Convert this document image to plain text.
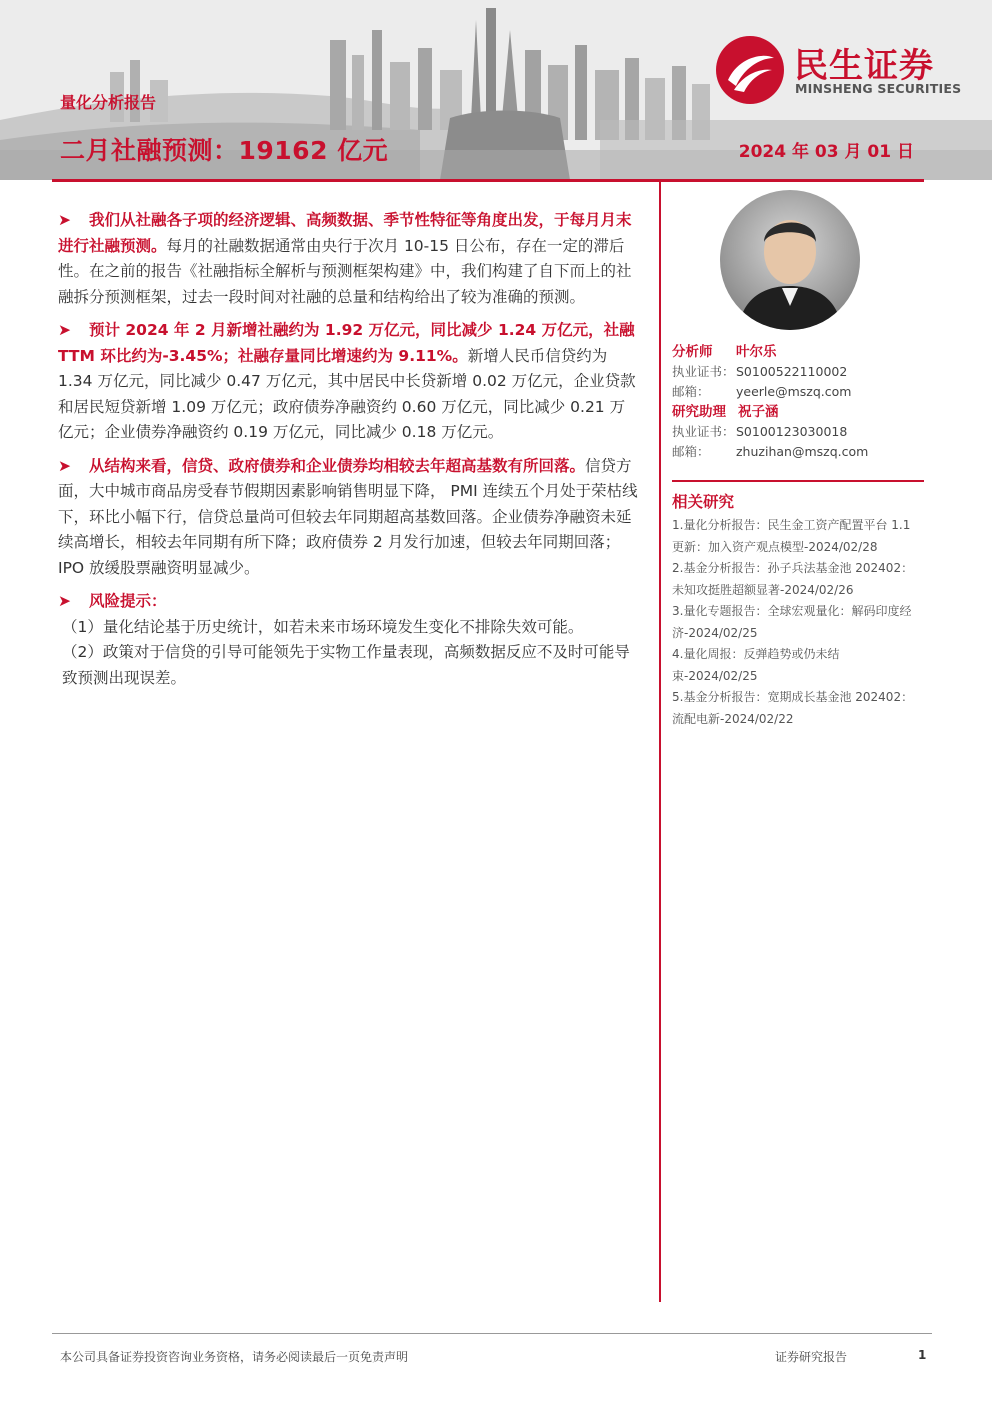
量化分析报告
二月社融预测：19162 亿元	2024 年 03 月 01 日
民生证券
MINSHENG SECURITIES

➤ 我们从社融各子项的经济逻辑、高频数据、季节性特征等角度出发，于每月月末进行社融预测。每月的社融数据通常由央行于次月 10-15 日公布，存在一定的滞后性。在之前的报告《社融指标全解析与预测框架构建》中，我们构建了自下而上的社融拆分预测框架，过去一段时间对社融的总量和结构给出了较为准确的预测。

➤ 预计 2024 年 2 月新增社融约为 1.92 万亿元，同比减少 1.24 万亿元，社融 TTM 环比约为-3.45%；社融存量同比增速约为 9.11%。新增人民币信贷约为 1.34 万亿元，同比减少 0.47 万亿元，其中居民中长贷新增 0.02 万亿元，企业贷款和居民短贷新增 1.09 万亿元；政府债券净融资约 0.60 万亿元，同比减少 0.21 万亿元；企业债券净融资约 0.19 万亿元，同比减少 0.18 万亿元。

➤ 从结构来看，信贷、政府债券和企业债券均相较去年超高基数有所回落。信贷方面，大中城市商品房受春节假期因素影响销售明显下降， PMI 连续五个月处于荣枯线下，环比小幅下行，信贷总量尚可但较去年同期超高基数回落。企业债券净融资未延续高增长，相较去年同期有所下降；政府债券 2 月发行加速，但较去年同期回落；IPO 放缓股票融资明显减少。

➤ 风险提示：

（1）量化结论基于历史统计，如若未来市场环境发生变化不排除失效可能。

（2）政策对于信贷的引导可能领先于实物工作量表现，高频数据反应不及时可能导致预测出现误差。

分析师 叶尔乐
执业证书：S0100522110002
邮箱： yeerle@mszq.com
研究助理 祝子涵
执业证书：S0100123030018
邮箱： zhuzihan@mszq.com
相关研究

1.量化分析报告：民生金工资产配置平台 1.1 更新：加入资产观点模型-2024/02/28

2.基金分析报告：孙子兵法基金池 202402：未知攻挺胜超额显著-2024/02/26

3.量化专题报告：全球宏观量化：解码印度经济-2024/02/25

4.量化周报：反弹趋势或仍未结束-2024/02/25

5.基金分析报告：宽期成长基金池 202402：流配电新-2024/02/22

本公司具备证券投资咨询业务资格，请务必阅读最后一页免责声明	证券研究报告	1
